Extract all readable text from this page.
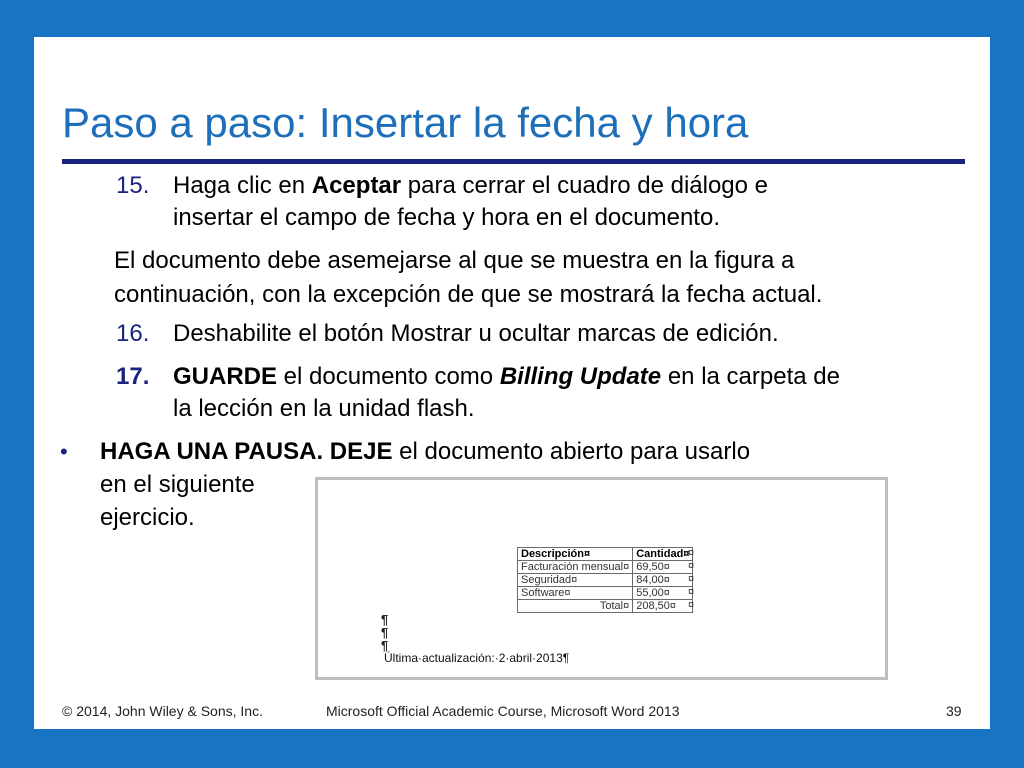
Paso a paso: Insertar la fecha y hora
15. Haga clic en Aceptar para cerrar el cuadro de diálogo e
insertar el campo de fecha y hora en el documento.
El documento debe asemejarse al que se muestra en la figura a
continuación, con la excepción de que se mostrará la fecha actual.
16. Deshabilite el botón Mostrar u ocultar marcas de edición.
17. GUARDE el documento como Billing Update en la carpeta de
la lección en la unidad flash.
• HAGA UNA PAUSA. DEJE el documento abierto para usarlo
en el siguiente
ejercicio.
Descripción¤	Cantidad¤
Facturación mensual¤	69,50¤
Seguridad¤	84,00¤
Software¤	55,00¤
Total¤	208,50¤
¤
¤
¤
¤
¤
¶
¶
¶
Última·actualización:·2·abril·2013¶
© 2014, John Wiley & Sons, Inc.	Microsoft Official Academic Course, Microsoft Word 2013	39
